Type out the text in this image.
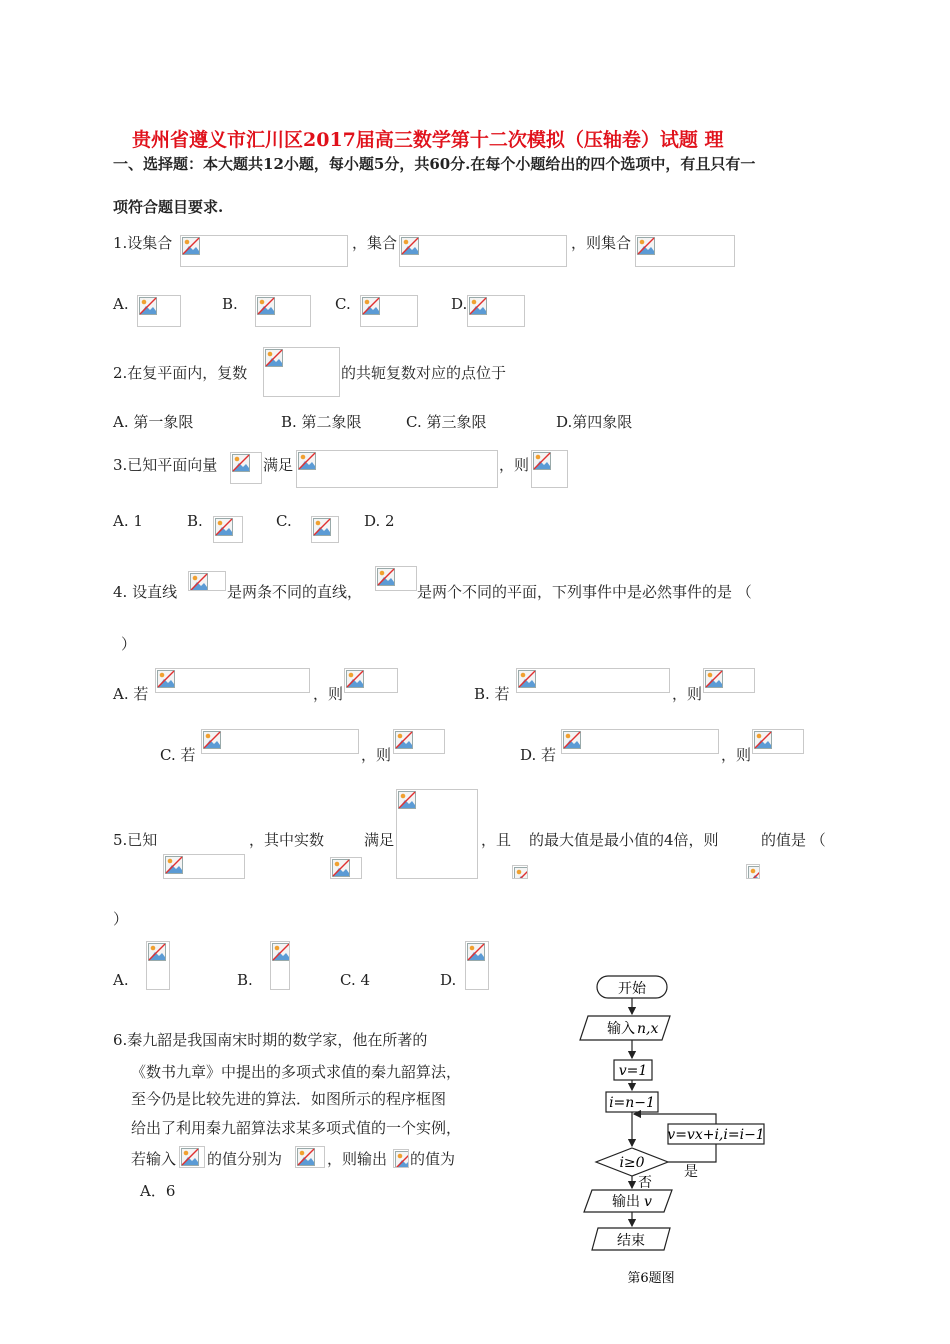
贵州省遵义市汇川区2017届高三数学第十二次模拟（压轴卷）试题 理
一、选择题：本大题共12小题，每小题5分，共60分.在每个小题给出的四个选项中，有且只有一
项符合题目要求.
1.设集合	，集合	，则集合
A.	B.	C.	D.
2.在复平面内，复数	的共轭复数对应的点位于
A. 第一象限	B. 第二象限	C. 第三象限	D.第四象限
3.已知平面向量	满足	，则
A. 1	B.	C.	D. 2
4. 设直线	是两条不同的直线，	是两个不同的平面，下列事件中是必然事件的是 （
）
A. 若	，则	B. 若	，则
C. 若	，则	D. 若	，则
5.已知	，其中实数	满足	，且 的最大值是最小值的4倍，则	的值是 （
）
A.	B.	C. 4	D.
6.秦九韶是我国南宋时期的数学家，他在所著的
《数书九章》中提出的多项式求值的秦九韶算法，
至今仍是比较先进的算法．如图所示的程序框图
给出了利用秦九韶算法求某多项式值的一个实例，
若输入 的值分别为	，则输出 的值为
A．6
开始
输入 n,x
v=1
i=n−1
v=vx+i,i=i−1
i≥0
否
是
输出 v
结束
第6题图
